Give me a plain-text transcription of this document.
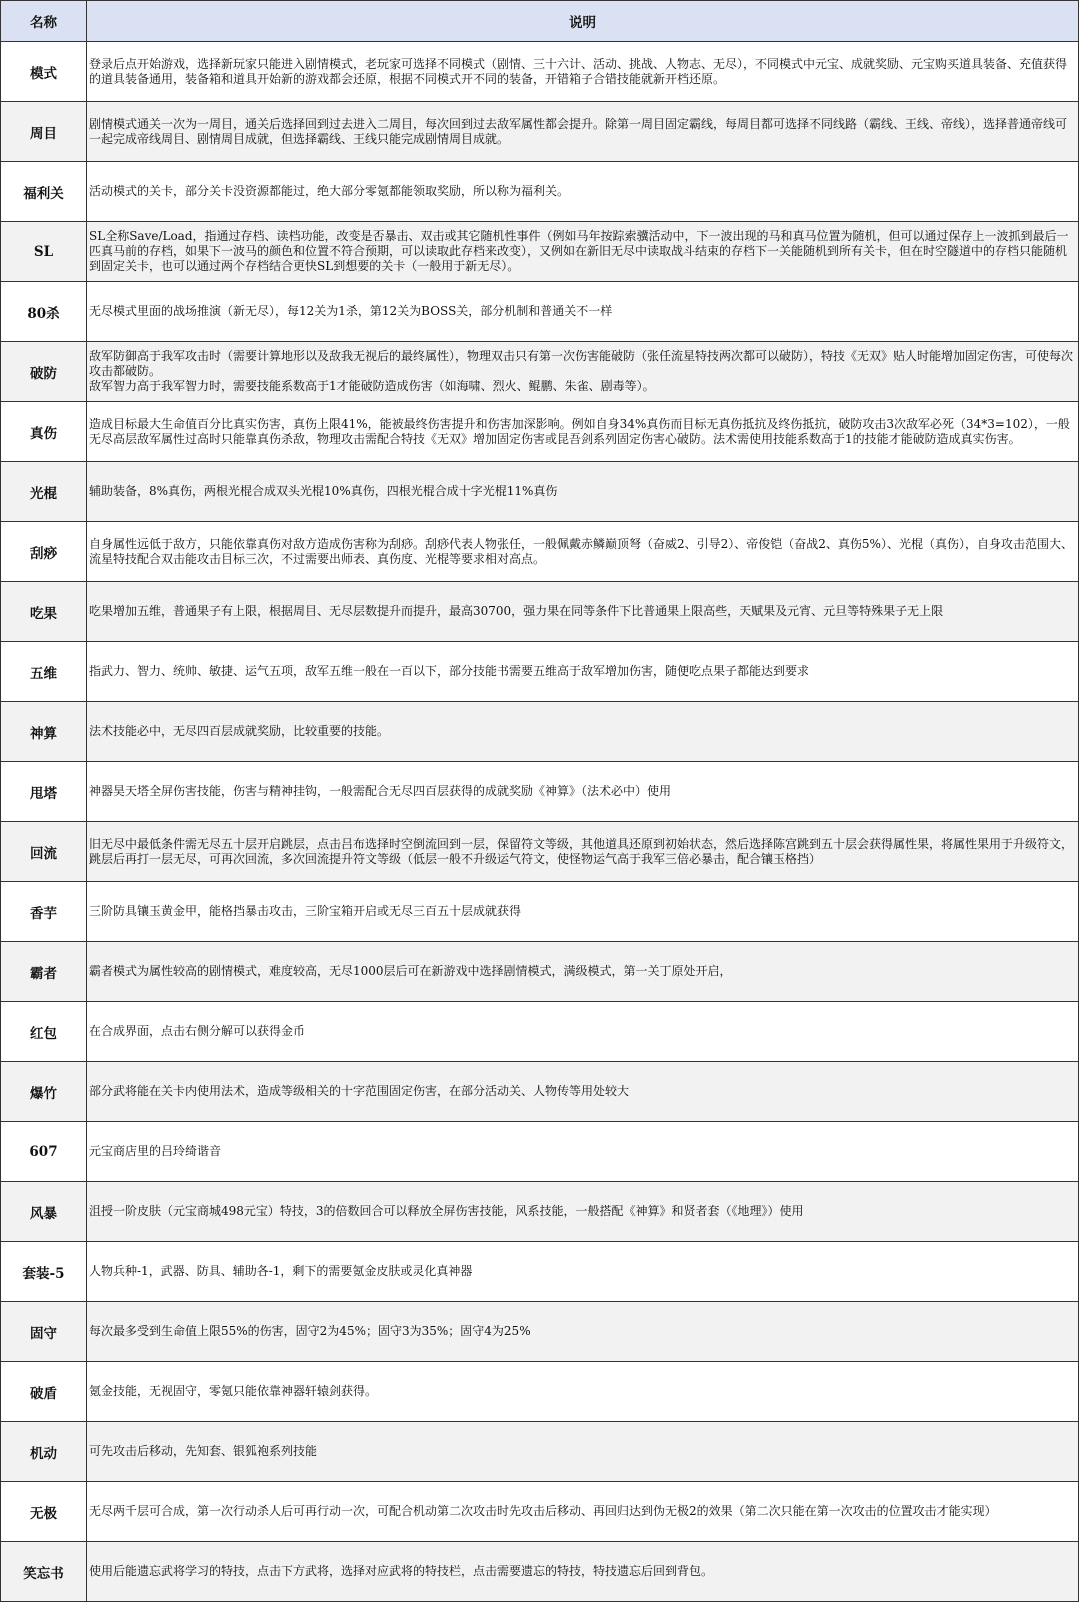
名称	说明
模式	登录后点开始游戏，选择新玩家只能进入剧情模式，老玩家可选择不同模式（剧情、三十六计、活动、挑战、人物志、无尽），不同模式中元宝、成就奖励、元宝购买道具装备、充值获得的道具装备通用，装备箱和道具开始新的游戏都会还原，根据不同模式开不同的装备，开错箱子合错技能就新开档还原。
周目	剧情模式通关一次为一周目，通关后选择回到过去进入二周目，每次回到过去敌军属性都会提升。除第一周目固定霸线，每周目都可选择不同线路（霸线、王线、帝线），选择普通帝线可一起完成帝线周目、剧情周目成就，但选择霸线、王线只能完成剧情周目成就。
福利关	活动模式的关卡，部分关卡没资源都能过，绝大部分零氪都能领取奖励，所以称为福利关。
SL	SL全称Save/Load，指通过存档、读档功能，改变是否暴击、双击或其它随机性事件（例如马年按踪索骥活动中，下一波出现的马和真马位置为随机，但可以通过保存上一波抓到最后一匹真马前的存档，如果下一波马的颜色和位置不符合预期，可以读取此存档来改变），又例如在新旧无尽中读取战斗结束的存档下一关能随机到所有关卡，但在时空隧道中的存档只能随机到固定关卡，也可以通过两个存档结合更快SL到想要的关卡（一般用于新无尽）。
80杀	无尽模式里面的战场推演（新无尽），每12关为1杀，第12关为BOSS关，部分机制和普通关不一样
破防	敌军防御高于我军攻击时（需要计算地形以及敌我无视后的最终属性），物理双击只有第一次伤害能破防（张任流星特技两次都可以破防），特技《无双》贴人时能增加固定伤害，可使每次攻击都破防。
敌军智力高于我军智力时，需要技能系数高于1才能破防造成伤害（如海啸、烈火、鲲鹏、朱雀、剧毒等）。
真伤	造成目标最大生命值百分比真实伤害，真伤上限41%，能被最终伤害提升和伤害加深影响。例如自身34%真伤而目标无真伤抵抗及终伤抵抗，破防攻击3次敌军必死（34*3=102），一般无尽高层敌军属性过高时只能靠真伤杀敌，物理攻击需配合特技《无双》增加固定伤害或昆吾剑系列固定伤害心破防。法术需使用技能系数高于1的技能才能破防造成真实伤害。
光棍	辅助装备，8%真伤，两根光棍合成双头光棍10%真伤，四根光棍合成十字光棍11%真伤
刮痧	自身属性远低于敌方，只能依靠真伤对敌方造成伤害称为刮痧。刮痧代表人物张任，一般佩戴赤鳞巅顶弩（奋威2、引导2）、帝俊铠（奋战2、真伤5%）、光棍（真伤），自身攻击范围大、流星特技配合双击能攻击目标三次，不过需要出师表、真伤度、光棍等要求相对高点。
吃果	吃果增加五维，普通果子有上限，根据周目、无尽层数提升而提升，最高30700，强力果在同等条件下比普通果上限高些，天赋果及元宵、元旦等特殊果子无上限
五维	指武力、智力、统帅、敏捷、运气五项，敌军五维一般在一百以下，部分技能书需要五维高于敌军增加伤害，随便吃点果子都能达到要求
神算	法术技能必中，无尽四百层成就奖励，比较重要的技能。
甩塔	神器昊天塔全屏伤害技能，伤害与精神挂钩，一般需配合无尽四百层获得的成就奖励《神算》（法术必中）使用
回流	旧无尽中最低条件需无尽五十层开启跳层，点击吕布选择时空倒流回到一层，保留符文等级，其他道具还原到初始状态，然后选择陈宫跳到五十层会获得属性果，将属性果用于升级符文，跳层后再打一层无尽，可再次回流，多次回流提升符文等级（低层一般不升级运气符文，使怪物运气高于我军三倍必暴击，配合镶玉格挡）
香芋	三阶防具镶玉黄金甲，能格挡暴击攻击，三阶宝箱开启或无尽三百五十层成就获得
霸者	霸者模式为属性较高的剧情模式，难度较高，无尽1000层后可在新游戏中选择剧情模式，满级模式，第一关丁原处开启，
红包	在合成界面，点击右侧分解可以获得金币
爆竹	部分武将能在关卡内使用法术，造成等级相关的十字范围固定伤害，在部分活动关、人物传等用处较大
607	元宝商店里的吕玲绮谐音
风暴	沮授一阶皮肤（元宝商城498元宝）特技，3的倍数回合可以释放全屏伤害技能，风系技能，一般搭配《神算》和贤者套（《地理》）使用
套装-5	人物兵种-1，武器、防具、辅助各-1，剩下的需要氪金皮肤或灵化真神器
固守	每次最多受到生命值上限55%的伤害，固守2为45%；固守3为35%；固守4为25%
破盾	氪金技能，无视固守，零氪只能依靠神器轩辕剑获得。
机动	可先攻击后移动，先知套、银狐袍系列技能
无极	无尽两千层可合成，第一次行动杀人后可再行动一次，可配合机动第二次攻击时先攻击后移动、再回归达到伪无极2的效果（第二次只能在第一次攻击的位置攻击才能实现）
笑忘书	使用后能遗忘武将学习的特技，点击下方武将，选择对应武将的特技栏，点击需要遗忘的特技，特技遗忘后回到背包。
